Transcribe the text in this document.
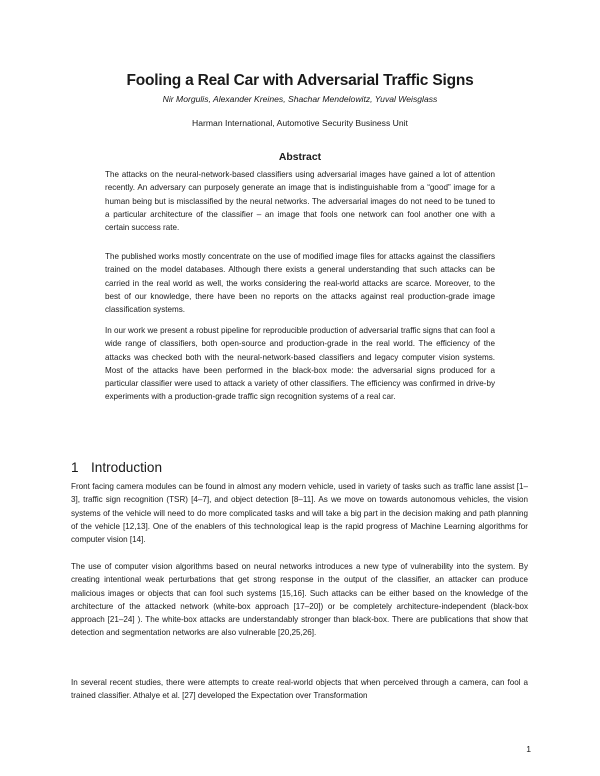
Fooling a Real Car with Adversarial Traffic Signs

Nir Morgulis, Alexander Kreines, Shachar Mendelowitz, Yuval Weisglass

Harman International, Automotive Security Business Unit

Abstract

The attacks on the neural-network-based classifiers using adversarial images have gained a lot of attention recently. An adversary can purposely generate an image that is indistinguishable from a “good” image for a human being but is misclassified by the neural networks. The adversarial images do not need to be tuned to a particular architecture of the classifier – an image that fools one network can fool another one with a certain success rate.

The published works mostly concentrate on the use of modified image files for attacks against the classifiers trained on the model databases. Although there exists a general understanding that such attacks can be carried in the real world as well, the works considering the real-world attacks are scarce. Moreover, to the best of our knowledge, there have been no reports on the attacks against real production-grade image classification systems.

In our work we present a robust pipeline for reproducible production of adversarial traffic signs that can fool a wide range of classifiers, both open-source and production-grade in the real world. The efficiency of the attacks was checked both with the neural-network-based classifiers and legacy computer vision systems. Most of the attacks have been performed in the black-box mode: the adversarial signs produced for a particular classifier were used to attack a variety of other classifiers. The efficiency was confirmed in drive-by experiments with a production-grade traffic sign recognition systems of a real car.

1 Introduction

Front facing camera modules can be found in almost any modern vehicle, used in variety of tasks such as traffic lane assist [1–3], traffic sign recognition (TSR) [4–7], and object detection [8–11]. As we move on towards autonomous vehicles, the vision systems of the vehicle will need to do more complicated tasks and will take a big part in the decision making and path planning of the vehicle [12,13]. One of the enablers of this technological leap is the rapid progress of Machine Learning algorithms for computer vision [14].

The use of computer vision algorithms based on neural networks introduces a new type of vulnerability into the system. By creating intentional weak perturbations that get strong response in the output of the classifier, an attacker can produce malicious images or objects that can fool such systems [15,16]. Such attacks can be either based on the knowledge of the architecture of the attacked network (white-box approach [17–20]) or be completely architecture-independent (black-box approach [21–24] ). The white-box attacks are understandably stronger than black-box. There are publications that show that detection and segmentation networks are also vulnerable [20,25,26].

In several recent studies, there were attempts to create real-world objects that when perceived through a camera, can fool a trained classifier. Athalye et al. [27] developed the Expectation over Transformation

1
